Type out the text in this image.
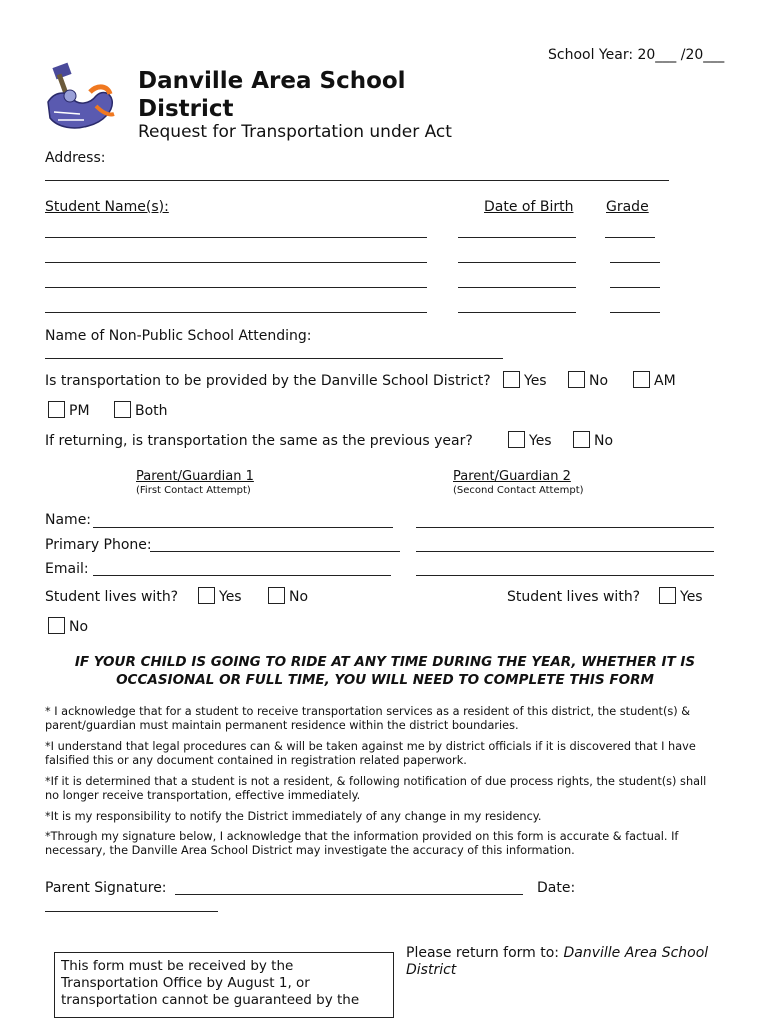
School Year: 20___ /20___
Danville Area School
District
Request for Transportation under Act
Address:
Student Name(s):	Date of Birth Grade
Name of Non-Public School Attending:
Is transportation to be provided by the Danville School District? Yes	No	AM
PM	Both
If returning, is transportation the same as the previous year?	Yes	No
Parent/Guardian 1
(First Contact Attempt)
Parent/Guardian 2
(Second Contact Attempt)
Name:
Primary Phone:
Email:
Student lives with?	Yes	No	Student lives with?	Yes
No
IF YOUR CHILD IS GOING TO RIDE AT ANY TIME DURING THE YEAR, WHETHER IT IS
OCCASIONAL OR FULL TIME, YOU WILL NEED TO COMPLETE THIS FORM
* I acknowledge that for a student to receive transportation services as a resident of this district, the student(s) &
parent/guardian must maintain permanent residence within the district boundaries.
*I understand that legal procedures can & will be taken against me by district officials if it is discovered that I have
falsified this or any document contained in registration related paperwork.
*If it is determined that a student is not a resident, & following notification of due process rights, the student(s) shall
no longer receive transportation, effective immediately.
*It is my responsibility to notify the District immediately of any change in my residency.
*Through my signature below, I acknowledge that the information provided on this form is accurate & factual. If
necessary, the Danville Area School District may investigate the accuracy of this information.
Parent Signature:	Date:
This form must be received by the
Transportation Office by August 1, or
transportation cannot be guaranteed by the
Please return form to: Danville Area School
District
